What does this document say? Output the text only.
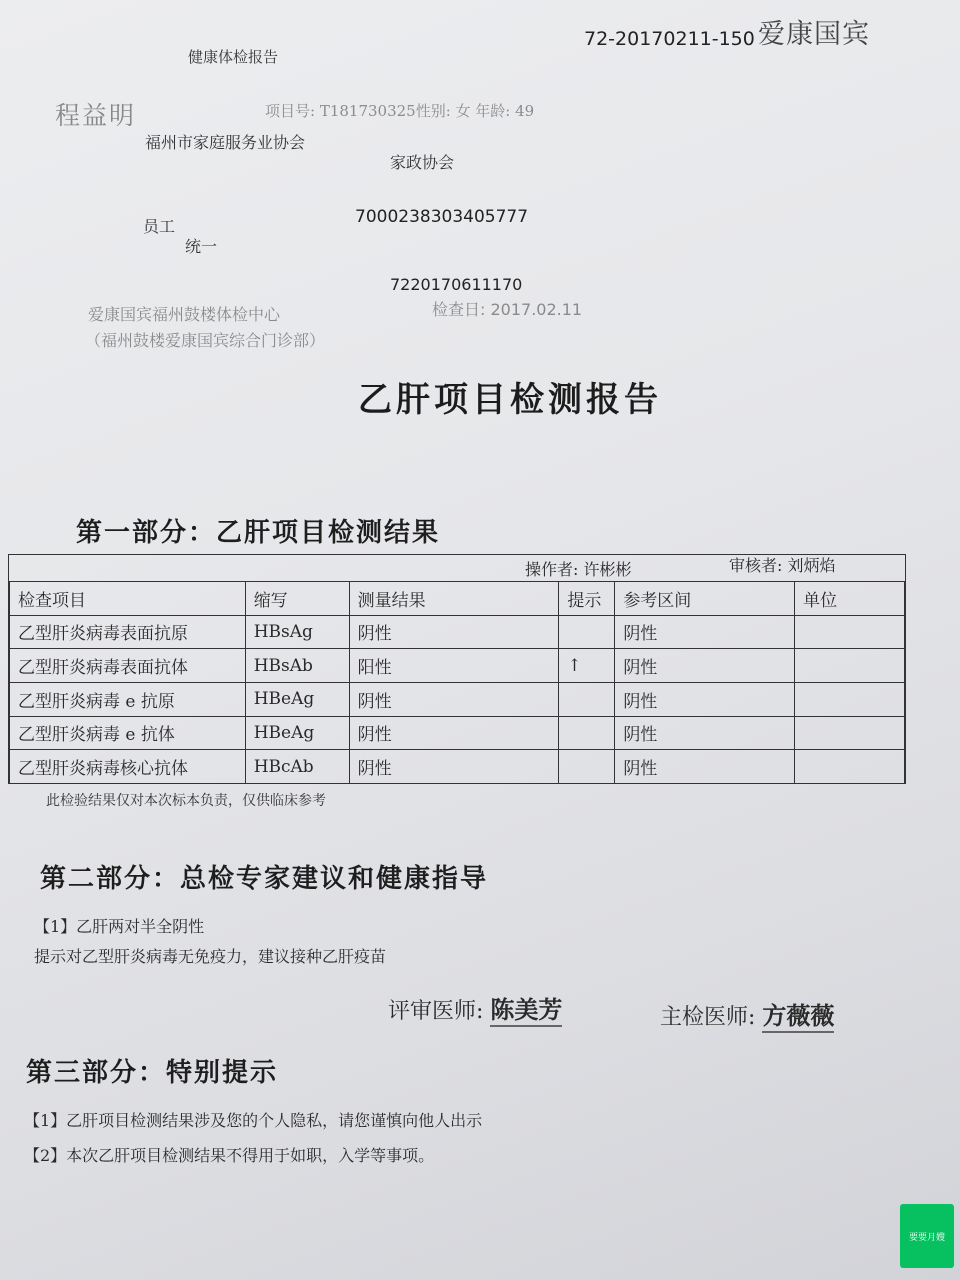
健康体检报告
72-20170211-150 爱康国宾
程益明	项目号: T181730325性别: 女 年龄: 49
福州市家庭服务业协会
家政协会
员工
统一
7000238303405777
7220170611170
爱康国宾福州鼓楼体检中心
（福州鼓楼爱康国宾综合门诊部）
检查日: 2017.02.11
乙肝项目检测报告
第一部分：乙肝项目检测结果
操作者: 许彬彬	审核者: 刘炳焰
检查项目	缩写	测量结果	提示	参考区间	单位
乙型肝炎病毒表面抗原	HBsAg	阴性		阴性	
乙型肝炎病毒表面抗体	HBsAb	阳性	↑	阴性	
乙型肝炎病毒 e 抗原	HBeAg	阴性		阴性	
乙型肝炎病毒 e 抗体	HBeAg	阴性		阴性	
乙型肝炎病毒核心抗体	HBcAb	阴性		阴性	
此检验结果仅对本次标本负责，仅供临床参考
第二部分：总检专家建议和健康指导
【1】乙肝两对半全阴性
提示对乙型肝炎病毒无免疫力，建议接种乙肝疫苗
评审医师: 陈美芳	主检医师: 方薇薇
第三部分：特别提示
【1】乙肝项目检测结果涉及您的个人隐私，请您谨慎向他人出示
【2】本次乙肝项目检测结果不得用于如职，入学等事项。
要要月嫂
